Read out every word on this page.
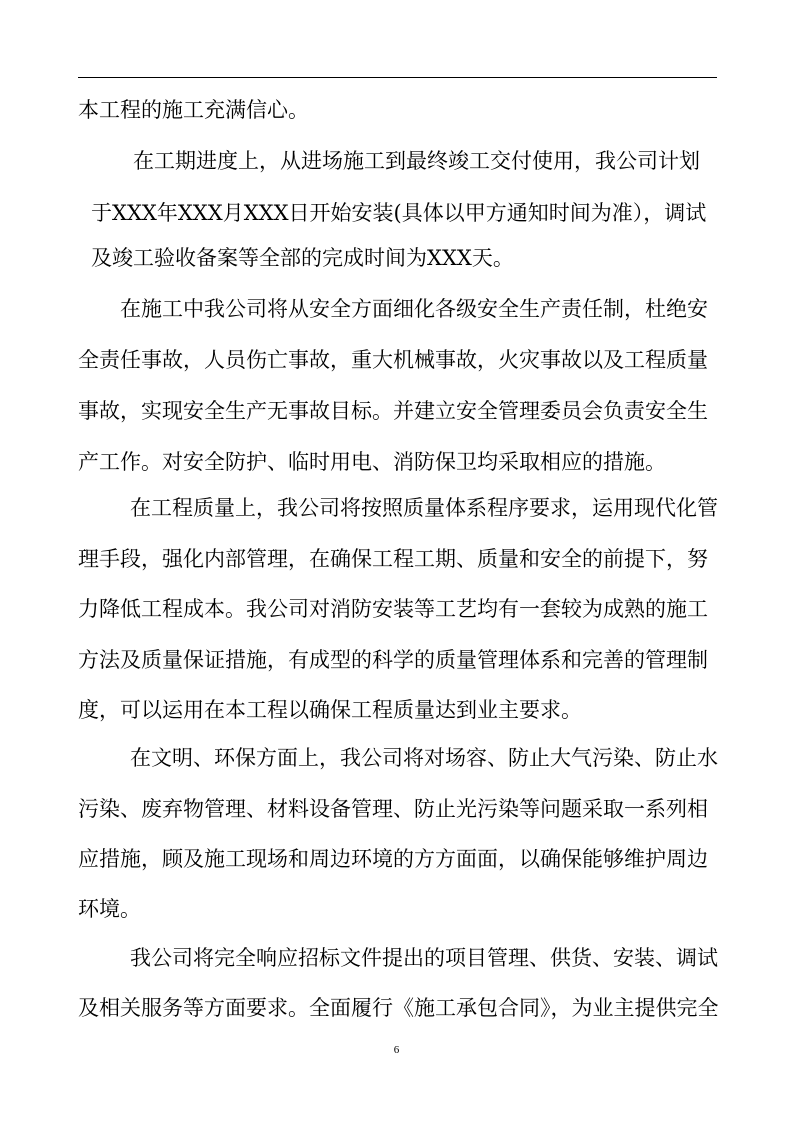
本工程的施工充满信心。
在工期进度上，从进场施工到最终竣工交付使用，我公司计划
于XXX年XXX月XXX日开始安装(具体以甲方通知时间为准），调试
及竣工验收备案等全部的完成时间为XXX天。
在施工中我公司将从安全方面细化各级安全生产责任制，杜绝安
全责任事故，人员伤亡事故，重大机械事故，火灾事故以及工程质量
事故，实现安全生产无事故目标。并建立安全管理委员会负责安全生
产工作。对安全防护、临时用电、消防保卫均采取相应的措施。
在工程质量上，我公司将按照质量体系程序要求，运用现代化管
理手段，强化内部管理，在确保工程工期、质量和安全的前提下，努
力降低工程成本。我公司对消防安装等工艺均有一套较为成熟的施工
方法及质量保证措施，有成型的科学的质量管理体系和完善的管理制
度，可以运用在本工程以确保工程质量达到业主要求。
在文明、环保方面上，我公司将对场容、防止大气污染、防止水
污染、废弃物管理、材料设备管理、防止光污染等问题采取一系列相
应措施，顾及施工现场和周边环境的方方面面，以确保能够维护周边
环境。
我公司将完全响应招标文件提出的项目管理、供货、安装、调试
及相关服务等方面要求。全面履行《施工承包合同》，为业主提供完全
6
